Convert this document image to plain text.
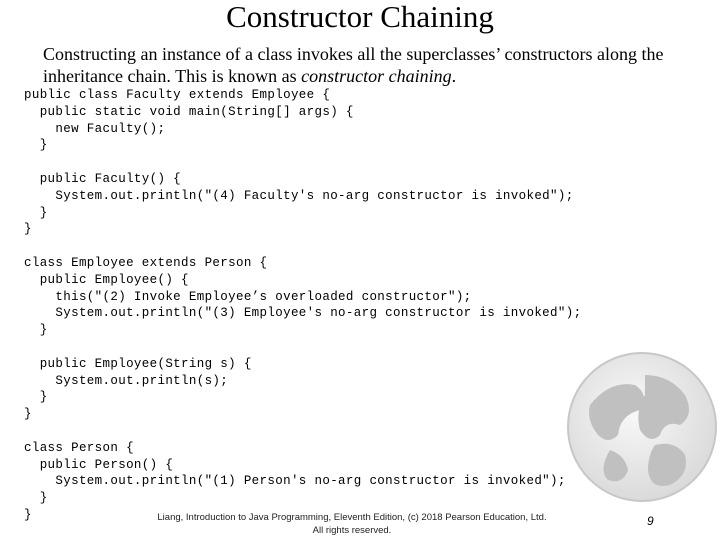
Constructor Chaining
Constructing an instance of a class invokes all the superclasses’ constructors along the inheritance chain. This is known as constructor chaining.
public class Faculty extends Employee {
public static void main(String[] args) {
new Faculty();
}
public Faculty() {
System.out.println("(4) Faculty's no-arg constructor is invoked");
}
}
class Employee extends Person {
public Employee() {
this("(2) Invoke Employee’s overloaded constructor");
System.out.println("(3) Employee's no-arg constructor is invoked");
}
public Employee(String s) {
System.out.println(s);
}
}
class Person {
public Person() {
System.out.println("(1) Person's no-arg constructor is invoked");
}
}	Liang, Introduction to Java Programming, Eleventh Edition, (c) 2018 Pearson Education, Ltd.
All rights reserved.
9
